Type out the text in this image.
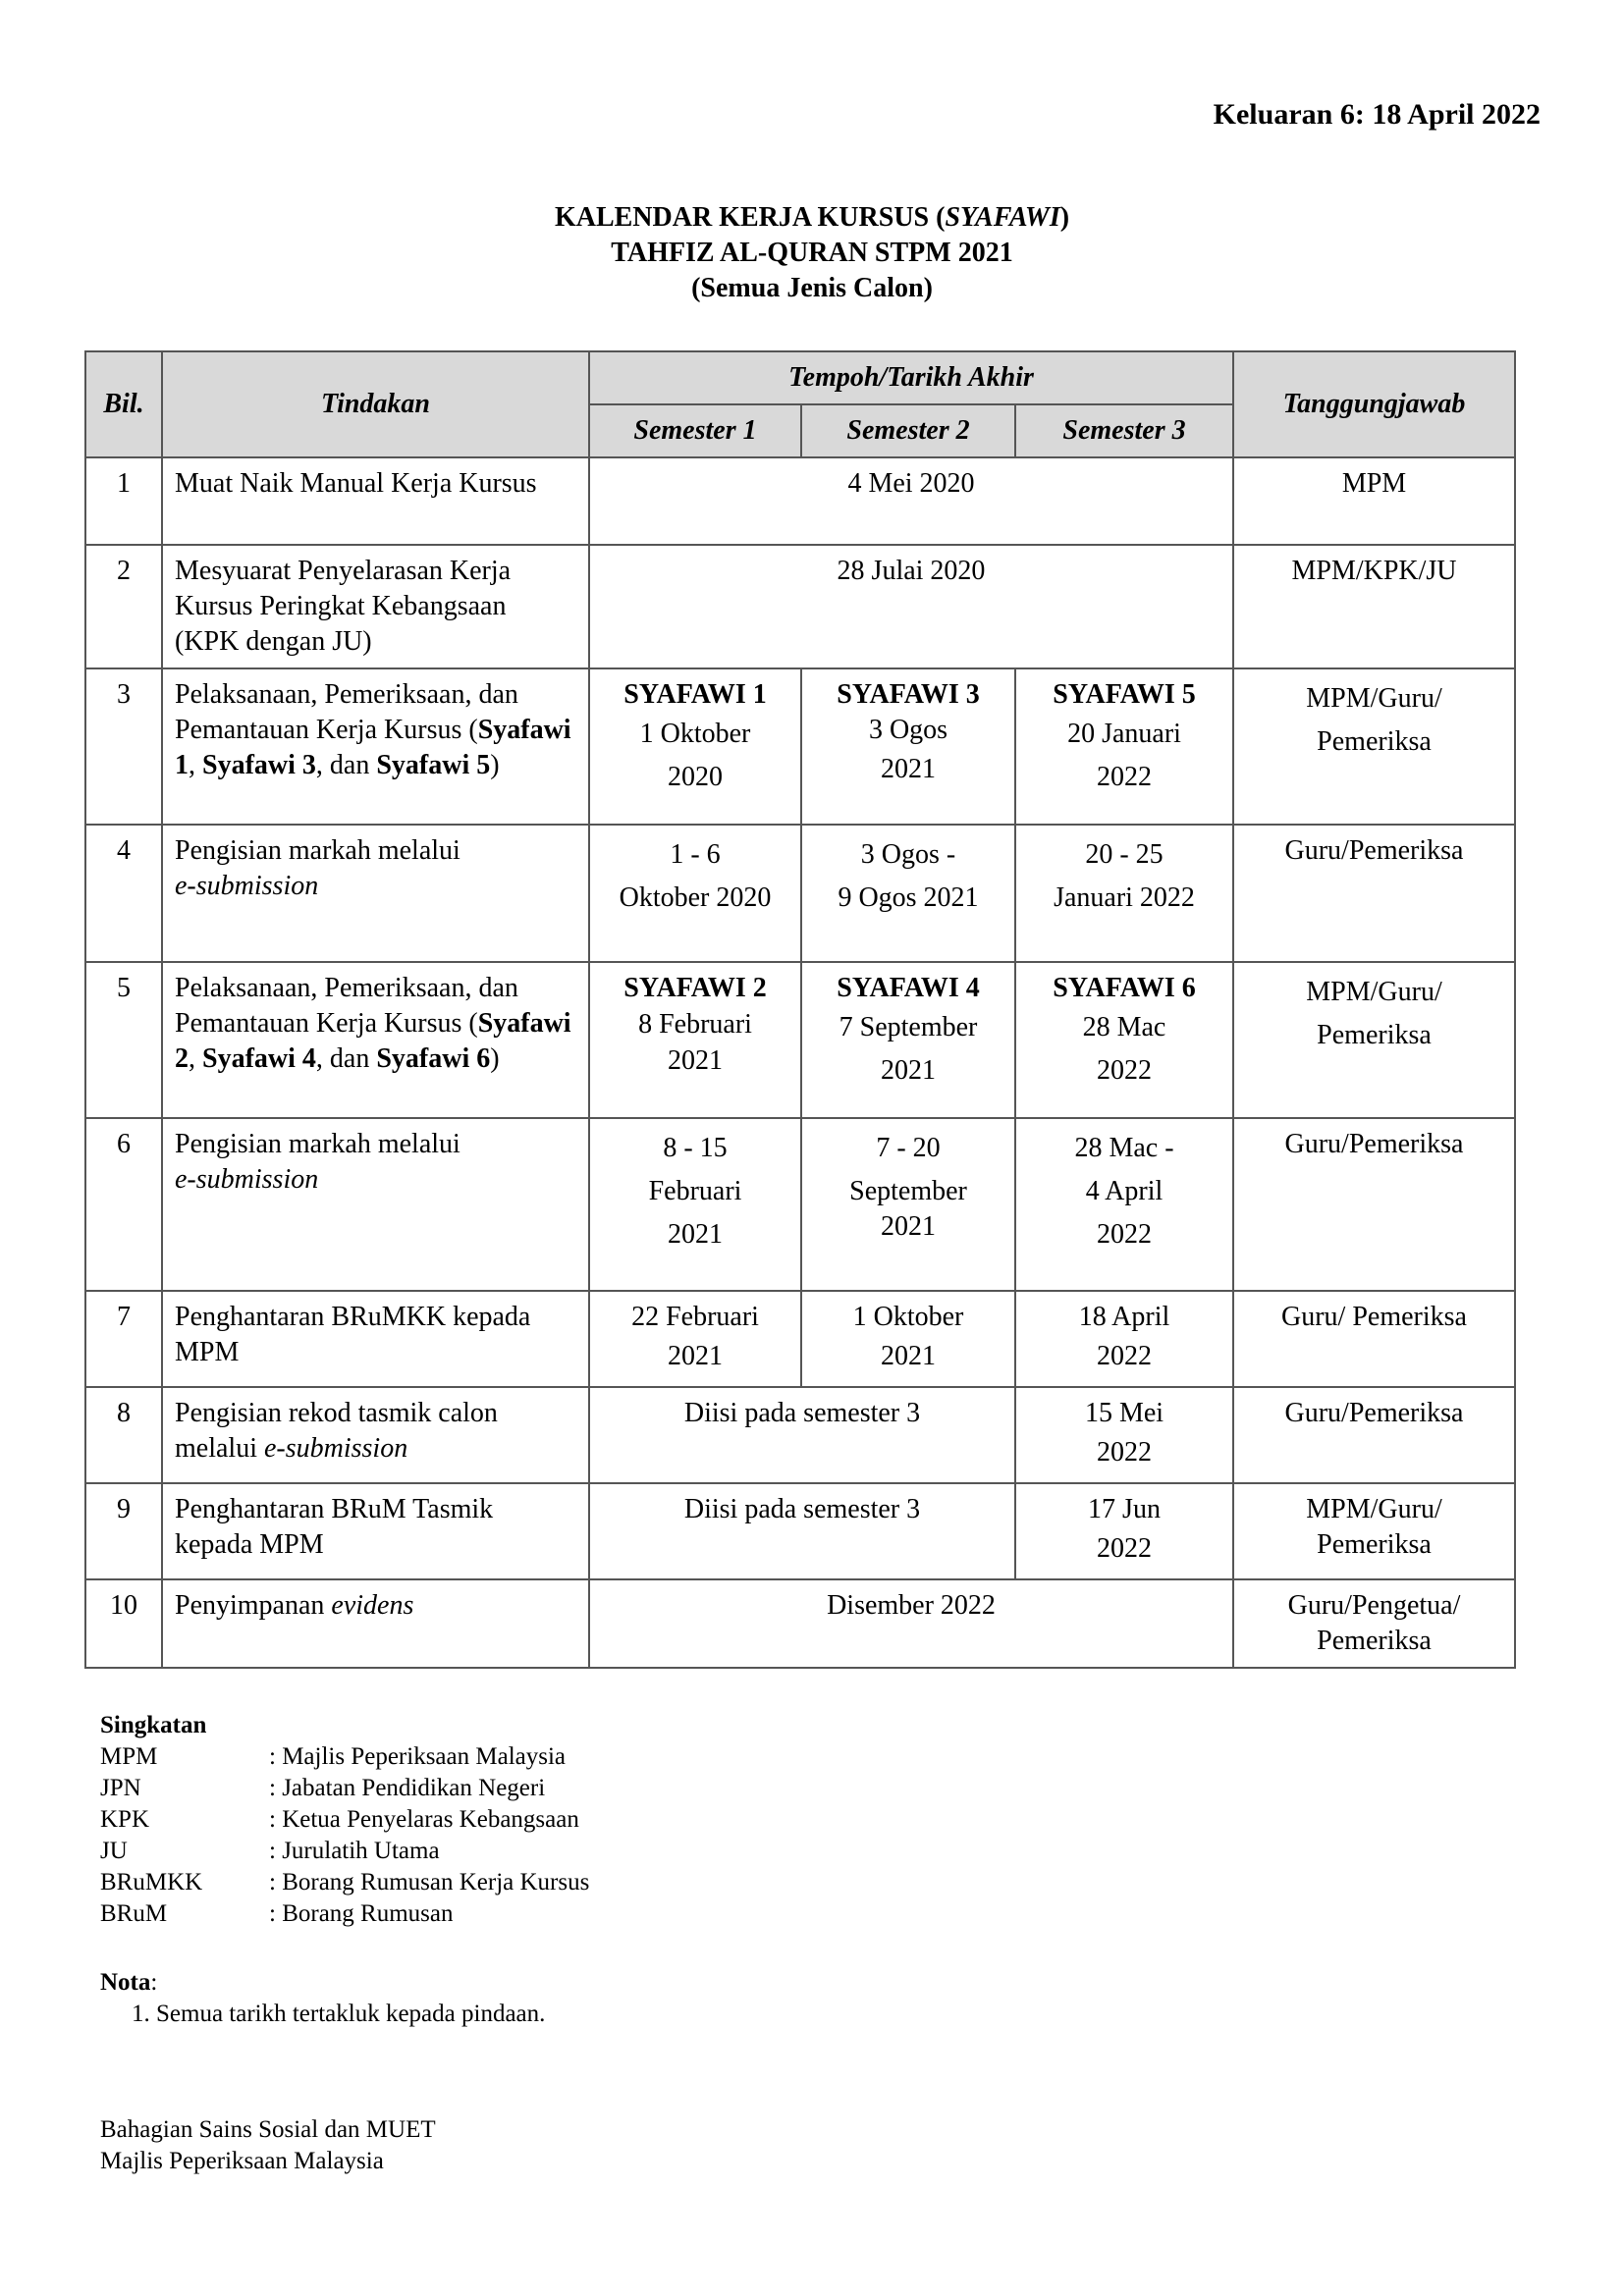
Keluaran 6: 18 April 2022
KALENDAR KERJA KURSUS (SYAFAWI)
TAHFIZ AL-QURAN STPM 2021
(Semua Jenis Calon)
Bil.	Tindakan	Tempoh/Tarikh Akhir			Tanggungjawab
		Semester 1	Semester 2	Semester 3	
1	Muat Naik Manual Kerja Kursus	4 Mei 2020			MPM
2	Mesyuarat Penyelarasan Kerja Kursus Peringkat Kebangsaan (KPK dengan JU)	28 Julai 2020			MPM/KPK/JU
3	Pelaksanaan, Pemeriksaan, dan Pemantauan Kerja Kursus (Syafawi 1, Syafawi 3, dan Syafawi 5)	SYAFAWI 1
1 Oktober
2020	SYAFAWI 3
3 Ogos
2021	SYAFAWI 5
20 Januari
2022	MPM/Guru/
Pemeriksa

4	Pengisian markah melalui
e-submission	1 - 6
Oktober 2020	3 Ogos -
9 Ogos 2021	20 - 25
Januari 2022	Guru/Pemeriksa
5	Pelaksanaan, Pemeriksaan, dan Pemantauan Kerja Kursus (Syafawi 2, Syafawi 4, dan Syafawi 6)	SYAFAWI 2
8 Februari
2021	SYAFAWI 4
7 September
2021	SYAFAWI 6
28 Mac
2022	MPM/Guru/
Pemeriksa

6	Pengisian markah melalui
e-submission	8 - 15
Februari
2021	7 - 20
September
2021	28 Mac -
4 April
2022	Guru/Pemeriksa
7	Penghantaran BRuMKK kepada MPM	22 Februari
2021	1 Oktober
2021	18 April
2022	Guru/ Pemeriksa
8	Pengisian rekod tasmik calon melalui e-submission	Diisi pada semester 3		15 Mei
2022	Guru/Pemeriksa
9	Penghantaran BRuM Tasmik kepada MPM	Diisi pada semester 3		17 Jun
2022	MPM/Guru/
Pemeriksa

10	Penyimpanan evidens	Disember 2022			Guru/Pengetua/
Pemeriksa
Singkatan
MPM	: Majlis Peperiksaan Malaysia
JPN	: Jabatan Pendidikan Negeri
KPK	: Ketua Penyelaras Kebangsaan
JU	: Jurulatih Utama
BRuMKK	: Borang Rumusan Kerja Kursus
BRuM	: Borang Rumusan
Nota:
1. Semua tarikh tertakluk kepada pindaan.
Bahagian Sains Sosial dan MUET
Majlis Peperiksaan Malaysia
